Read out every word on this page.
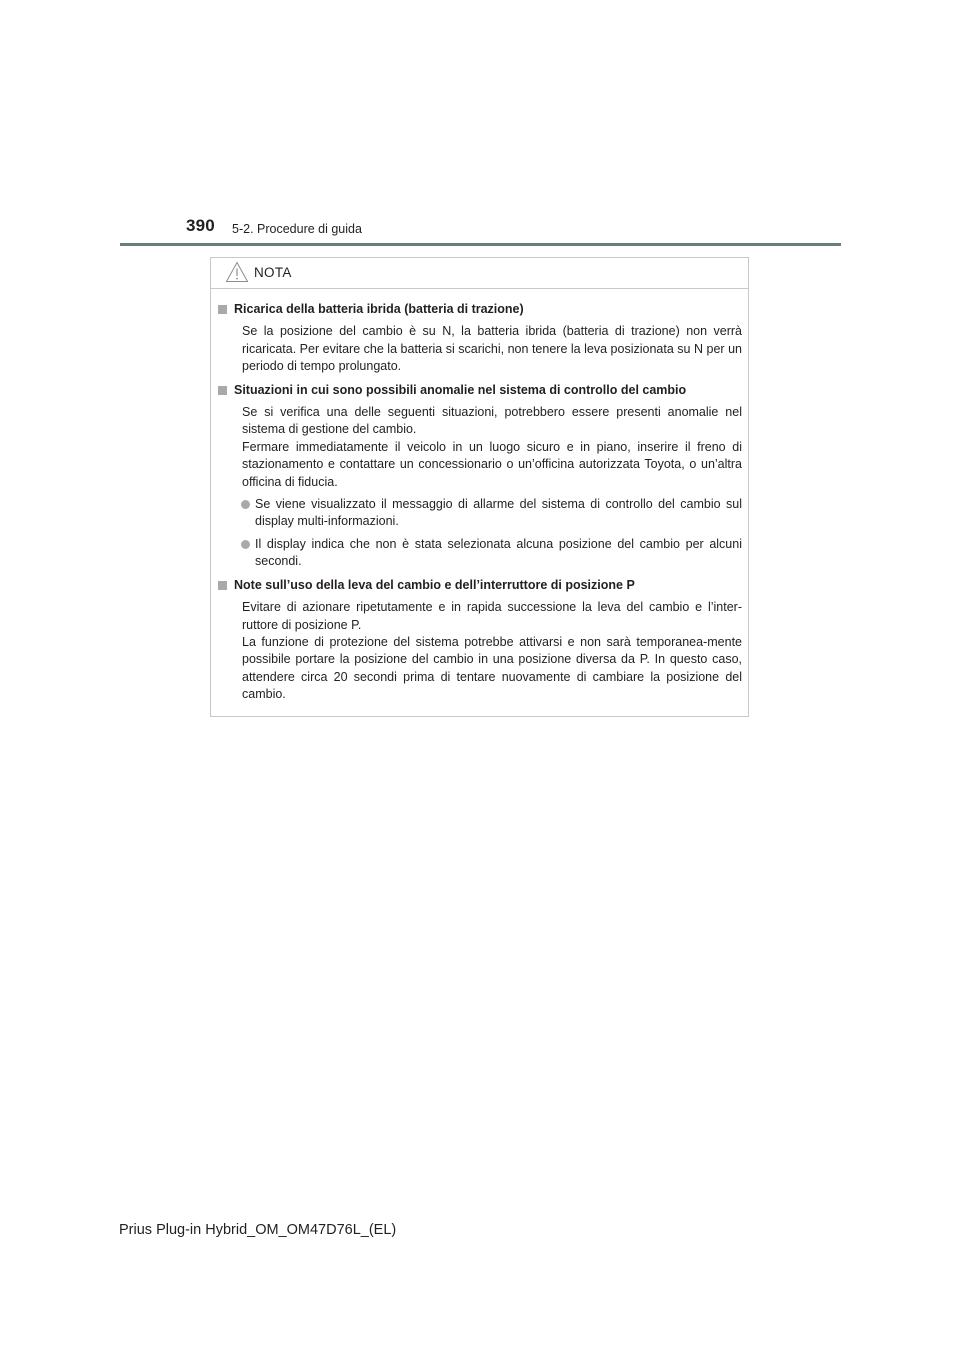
390 5-2. Procedure di guida
NOTA
Ricarica della batteria ibrida (batteria di trazione)
Se la posizione del cambio è su N, la batteria ibrida (batteria di trazione) non verrà ricaricata. Per evitare che la batteria si scarichi, non tenere la leva posizionata su N per un periodo di tempo prolungato.
Situazioni in cui sono possibili anomalie nel sistema di controllo del cambio
Se si verifica una delle seguenti situazioni, potrebbero essere presenti anomalie nel sistema di gestione del cambio.
Fermare immediatamente il veicolo in un luogo sicuro e in piano, inserire il freno di stazionamento e contattare un concessionario o un’officina autorizzata Toyota, o un’altra officina di fiducia.
Se viene visualizzato il messaggio di allarme del sistema di controllo del cambio sul display multi-informazioni.
Il display indica che non è stata selezionata alcuna posizione del cambio per alcuni secondi.
Note sull’uso della leva del cambio e dell’interruttore di posizione P
Evitare di azionare ripetutamente e in rapida successione la leva del cambio e l’inter-ruttore di posizione P.
La funzione di protezione del sistema potrebbe attivarsi e non sarà temporanea-mente possibile portare la posizione del cambio in una posizione diversa da P. In questo caso, attendere circa 20 secondi prima di tentare nuovamente di cambiare la posizione del cambio.
Prius Plug-in Hybrid_OM_OM47D76L_(EL)
